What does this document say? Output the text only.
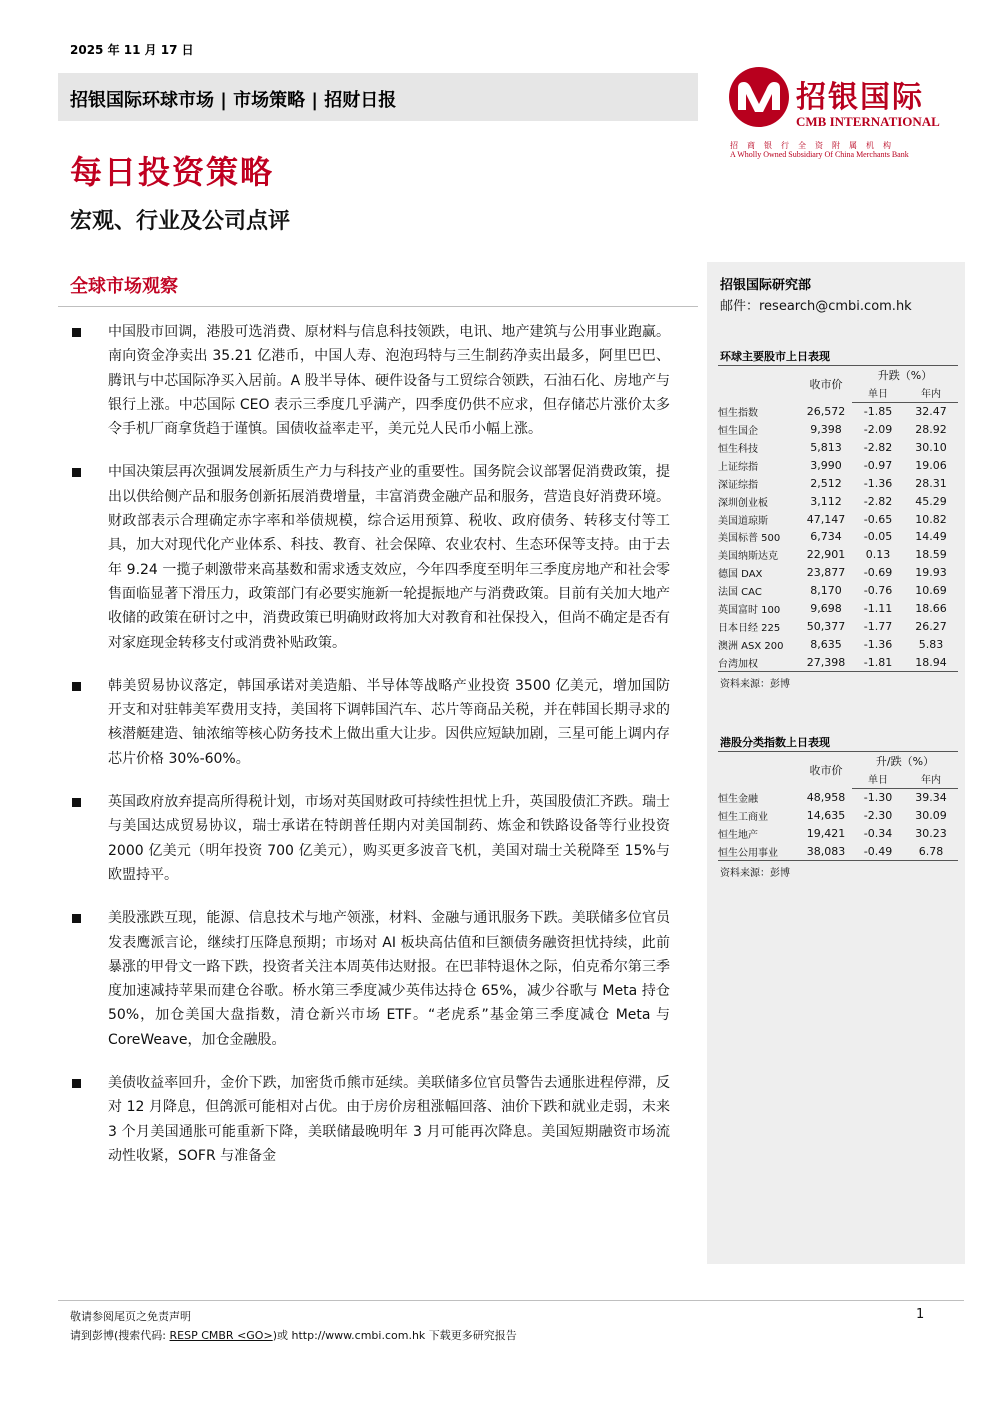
2025 年 11 月 17 日
招银国际环球市场 | 市场策略 | 招财日报	招银国际
CMB INTERNATIONAL
招商银行全资附属机构
A Wholly Owned Subsidiary Of China Merchants Bank
每日投资策略
宏观、行业及公司点评
全球市场观察
中国股市回调，港股可选消费、原材料与信息科技领跌，电讯、地产建筑与公用事业跑赢。南向资金净卖出 35.21 亿港币，中国人寿、泡泡玛特与三生制药净卖出最多，阿里巴巴、腾讯与中芯国际净买入居前。A 股半导体、硬件设备与工贸综合领跌，石油石化、房地产与银行上涨。中芯国际 CEO 表示三季度几乎满产，四季度仍供不应求，但存储芯片涨价太多令手机厂商拿货趋于谨慎。国债收益率走平，美元兑人民币小幅上涨。
中国决策层再次强调发展新质生产力与科技产业的重要性。国务院会议部署促消费政策，提出以供给侧产品和服务创新拓展消费增量，丰富消费金融产品和服务，营造良好消费环境。财政部表示合理确定赤字率和举债规模，综合运用预算、税收、政府债务、转移支付等工具，加大对现代化产业体系、科技、教育、社会保障、农业农村、生态环保等支持。由于去年 9.24 一揽子刺激带来高基数和需求透支效应，今年四季度至明年三季度房地产和社会零售面临显著下滑压力，政策部门有必要实施新一轮提振地产与消费政策。目前有关加大地产收储的政策在研讨之中，消费政策已明确财政将加大对教育和社保投入，但尚不确定是否有对家庭现金转移支付或消费补贴政策。
韩美贸易协议落定，韩国承诺对美造船、半导体等战略产业投资 3500 亿美元，增加国防开支和对驻韩美军费用支持，美国将下调韩国汽车、芯片等商品关税，并在韩国长期寻求的核潜艇建造、铀浓缩等核心防务技术上做出重大让步。因供应短缺加剧，三星可能上调内存芯片价格 30%-60%。
英国政府放弃提高所得税计划，市场对英国财政可持续性担忧上升，英国股债汇齐跌。瑞士与美国达成贸易协议，瑞士承诺在特朗普任期内对美国制药、炼金和铁路设备等行业投资 2000 亿美元（明年投资 700 亿美元），购买更多波音飞机，美国对瑞士关税降至 15%与欧盟持平。
美股涨跌互现，能源、信息技术与地产领涨，材料、金融与通讯服务下跌。美联储多位官员发表鹰派言论，继续打压降息预期；市场对 AI 板块高估值和巨额债务融资担忧持续，此前暴涨的甲骨文一路下跌，投资者关注本周英伟达财报。在巴菲特退休之际，伯克希尔第三季度加速减持苹果而建仓谷歌。桥水第三季度减少英伟达持仓 65%，减少谷歌与 Meta 持仓 50%，加仓美国大盘指数，清仓新兴市场 ETF。“老虎系”基金第三季度减仓 Meta 与 CoreWeave，加仓金融股。
美债收益率回升，金价下跌，加密货币熊市延续。美联储多位官员警告去通胀进程停滞，反对 12 月降息，但鸽派可能相对占优。由于房价房租涨幅回落、油价下跌和就业走弱，未来 3 个月美国通胀可能重新下降，美联储最晚明年 3 月可能再次降息。美国短期融资市场流动性收紧，SOFR 与准备金
招银国际研究部
邮件：research@cmbi.com.hk
环球主要股市上日表现
	收市价	升跌（%）	
		单日	年内
恒生指数	26,572	-1.85	32.47
恒生国企	9,398	-2.09	28.92
恒生科技	5,813	-2.82	30.10
上证综指	3,990	-0.97	19.06
深证综指	2,512	-1.36	28.31
深圳创业板	3,112	-2.82	45.29
美国道琼斯	47,147	-0.65	10.82
美国标普 500	6,734	-0.05	14.49
美国纳斯达克	22,901	0.13	18.59
德国 DAX	23,877	-0.69	19.93
法国 CAC	8,170	-0.76	10.69
英国富时 100	9,698	-1.11	18.66
日本日经 225	50,377	-1.77	26.27
澳洲 ASX 200	8,635	-1.36	5.83
台湾加权	27,398	-1.81	18.94
资料来源：彭博
港股分类指数上日表现
	收市价	升/跌（%）	
		单日	年内
恒生金融	48,958	-1.30	39.34
恒生工商业	14,635	-2.30	30.09
恒生地产	19,421	-0.34	30.23
恒生公用事业	38,083	-0.49	6.78
资料来源：彭博
敬请参阅尾页之免责声明
请到彭博(搜索代码: RESP CMBR <GO>)或 http://www.cmbi.com.hk 下载更多研究报告
1
